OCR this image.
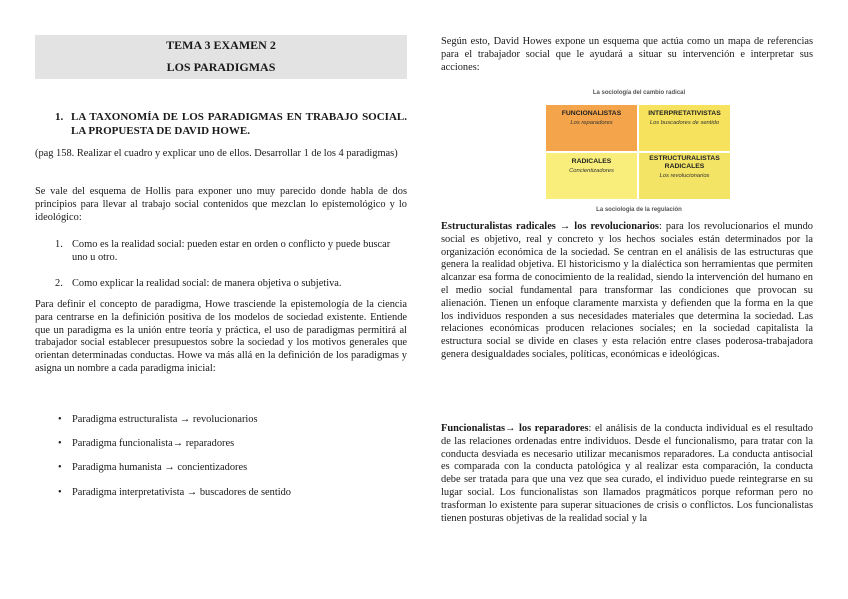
TEMA 3 EXAMEN 2
LOS PARADIGMAS
1. LA TAXONOMÍA DE LOS PARADIGMAS EN TRABAJO SOCIAL. LA PROPUESTA DE DAVID HOWE.

(pag 158. Realizar el cuadro y explicar uno de ellos. Desarrollar 1 de los 4 paradigmas)

Se vale del esquema de Hollis para exponer uno muy parecido donde habla de dos principios para llevar al trabajo social contenidos que mezclan lo epistemológico y lo ideológico:

1. Como es la realidad social: pueden estar en orden o conflicto y puede buscar uno u otro.
2. Como explicar la realidad social: de manera objetiva o subjetiva.

Para definir el concepto de paradigma, Howe trasciende la epistemología de la ciencia para centrarse en la definición positiva de los modelos de sociedad existente. Entiende que un paradigma es la unión entre teoría y práctica, el uso de paradigmas permitirá al trabajador social establecer presupuestos sobre la sociedad y los motivos generales que orientan determinadas conductas. Howe va más allá en la definición de los paradigmas y asigna un nombre a cada paradigma inicial:

• Paradigma estructuralista → revolucionarios
• Paradigma funcionalista→ reparadores
• Paradigma humanista → concientizadores
• Paradigma interpretativista → buscadores de sentido

Según esto, David Howes expone un esquema que actúa como un mapa de referencias para el trabajador social que le ayudará a situar su intervención e interpretar sus acciones:

La sociología del cambio radical
FUNCIONALISTAS
Los reparadores
INTERPRETATIVISTAS
Los buscadores de sentido
RADICALES
Concientizadores
ESTRUCTURALISTAS RADICALES
Los revolucionarios
La sociología de la regulación

Estructuralistas radicales → los revolucionarios: para los revolucionarios el mundo social es objetivo, real y concreto y los hechos sociales están determinados por la organización económica de la sociedad. Se centran en el análisis de las estructuras que genera la realidad objetiva. El historicismo y la dialéctica son herramientas que permiten alcanzar esa forma de conocimiento de la realidad, siendo la intervención del humano en el medio social fundamental para transformar las condiciones que provocan su alienación. Tienen un enfoque claramente marxista y defienden que la forma en la que los individuos responden a sus necesidades materiales que determina la sociedad. Las relaciones económicas producen relaciones sociales; en la sociedad capitalista la estructura social se divide en clases y esta relación entre clases poderosa-trabajadora genera desigualdades sociales, políticas, económicas e ideológicas.

Funcionalistas→ los reparadores: el análisis de la conducta individual es el resultado de las relaciones ordenadas entre individuos. Desde el funcionalismo, para tratar con la conducta desviada es necesario utilizar mecanismos reparadores. La conducta antisocial es comparada con la conducta patológica y al realizar esta comparación, la conducta debe ser tratada para que una vez que sea curado, el individuo puede reintegrarse en su lugar social. Los funcionalistas son llamados pragmáticos porque reforman pero no trasforman lo existente para superar situaciones de crisis o conflictos. Los funcionalistas tienen posturas objetivas de la realidad social y la
